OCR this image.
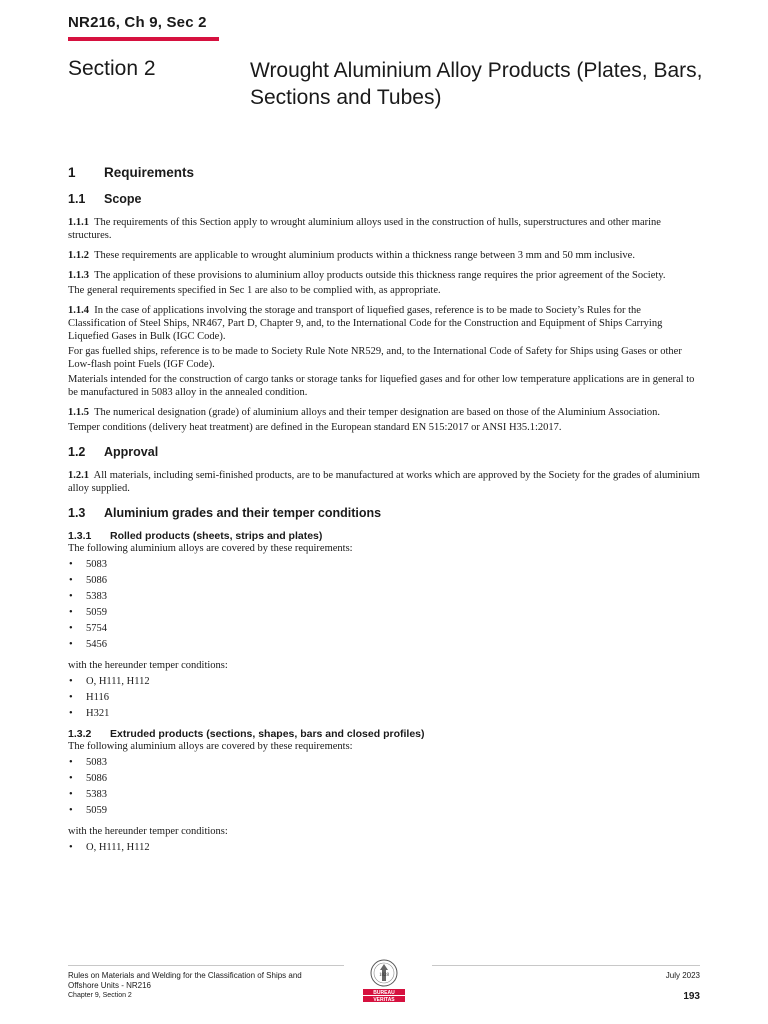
NR216, Ch 9, Sec 2
Section 2	Wrought Aluminium Alloy Products (Plates, Bars, Sections and Tubes)
1 Requirements
1.1 Scope

1.1.1 The requirements of this Section apply to wrought aluminium alloys used in the construction of hulls, superstructures and other marine structures.

1.1.2 These requirements are applicable to wrought aluminium products within a thickness range between 3 mm and 50 mm inclusive.

1.1.3 The application of these provisions to aluminium alloy products outside this thickness range requires the prior agreement of the Society.

The general requirements specified in Sec 1 are also to be complied with, as appropriate.

1.1.4 In the case of applications involving the storage and transport of liquefied gases, reference is to be made to Society’s Rules for the Classification of Steel Ships, NR467, Part D, Chapter 9, and, to the International Code for the Construction and Equipment of Ships Carrying Liquefied Gases in Bulk (IGC Code).

For gas fuelled ships, reference is to be made to Society Rule Note NR529, and, to the International Code of Safety for Ships using Gases or other Low-flash point Fuels (IGF Code).

Materials intended for the construction of cargo tanks or storage tanks for liquefied gases and for other low temperature applications are in general to be manufactured in 5083 alloy in the annealed condition.

1.1.5 The numerical designation (grade) of aluminium alloys and their temper designation are based on those of the Aluminium Association.

Temper conditions (delivery heat treatment) are defined in the European standard EN 515:2017 or ANSI H35.1:2017.

1.2 Approval

1.2.1 All materials, including semi-finished products, are to be manufactured at works which are approved by the Society for the grades of aluminium alloy supplied.

1.3 Aluminium grades and their temper conditions
1.3.1 Rolled products (sheets, strips and plates)

The following aluminium alloys are covered by these requirements:

• 5083
• 5086
• 5383
• 5059
• 5754
• 5456

with the hereunder temper conditions:

• O, H111, H112
• H116
• H321
1.3.2 Extruded products (sections, shapes, bars and closed profiles)

The following aluminium alloys are covered by these requirements:

• 5083
• 5086
• 5383
• 5059

with the hereunder temper conditions:

• O, H111, H112
Rules on Materials and Welding for the Classification of Ships and
Offshore Units - NR216
Chapter 9, Section 2
1828
BUREAU
VERITAS
July 2023
193
